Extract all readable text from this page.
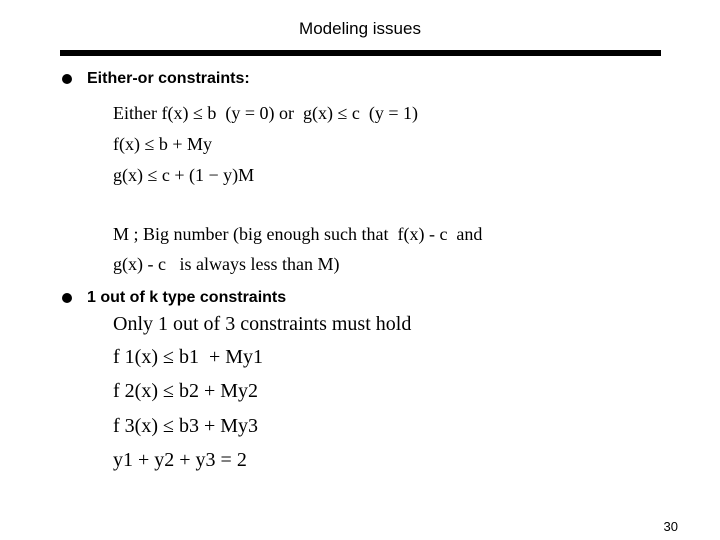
Modeling issues
Either-or constraints:
Either f(x) ≤ b  (y = 0) or  g(x) ≤ c  (y = 1)
f(x) ≤ b + My
g(x) ≤ c + (1 − y)M
M ; Big number (big enough such that  f(x) - c  and
g(x) - c   is always less than M)
1 out of k type constraints
Only 1 out of 3 constraints must hold
f 1(x) ≤ b1  + My1
f 2(x) ≤ b2 + My2
f 3(x) ≤ b3 + My3
y1 + y2 + y3 = 2
30
